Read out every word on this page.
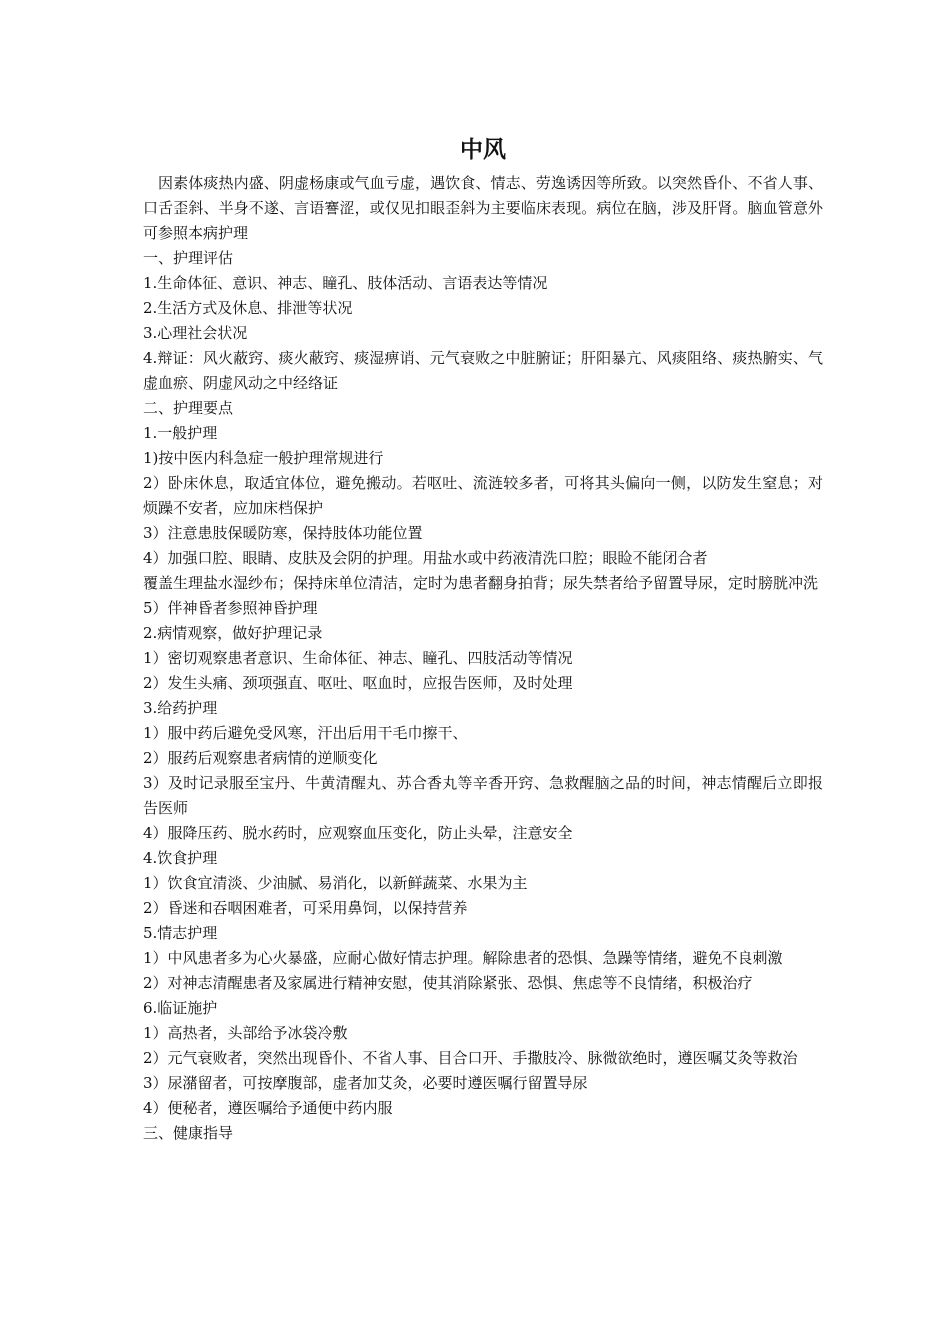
中风

因素体痰热内盛、阴虚杨康或气血亏虚，遇饮食、情志、劳逸诱因等所致。以突然昏仆、不省人事、口舌歪斜、半身不遂、言语謇涩，或仅见扣眼歪斜为主要临床表现。病位在脑，涉及肝肾。脑血管意外可参照本病护理

一、护理评估

1.生命体征、意识、神志、瞳孔、肢体活动、言语表达等情况

2.生活方式及休息、排泄等状况

3.心理社会状况

4.辩证：风火蔽窍、痰火蔽窍、痰湿痹诮、元气衰败之中脏腑证；肝阳暴亢、风痰阻络、痰热腑实、气虚血瘀、阴虚风动之中经络证

二、护理要点

1.一般护理

1)按中医内科急症一般护理常规进行

2）卧床休息，取适宜体位，避免搬动。若呕吐、流涟较多者，可将其头偏向一侧，以防发生窒息；对烦躁不安者，应加床档保护

3）注意患肢保暖防寒，保持肢体功能位置

4）加强口腔、眼睛、皮肤及会阴的护理。用盐水或中药液清洗口腔；眼睑不能闭合者

覆盖生理盐水湿纱布；保持床单位清洁，定时为患者翻身拍背；尿失禁者给予留置导尿，定时膀胱冲洗

5）伴神昏者参照神昏护理

2.病情观察，做好护理记录

1）密切观察患者意识、生命体征、神志、瞳孔、四肢活动等情况

2）发生头痛、颈项强直、呕吐、呕血时，应报告医师，及时处理

3.给药护理

1）服中药后避免受风寒，汗出后用干毛巾擦干、

2）服药后观察患者病情的逆顺变化

3）及时记录服至宝丹、牛黄清醒丸、苏合香丸等辛香开窍、急救醒脑之品的时间，神志情醒后立即报告医师

4）服降压药、脱水药时，应观察血压变化，防止头晕，注意安全

4.饮食护理

1）饮食宜清淡、少油腻、易消化，以新鲜蔬菜、水果为主

2）昏迷和吞咽困难者，可采用鼻饲，以保持营养

5.情志护理

1）中风患者多为心火暴盛，应耐心做好情志护理。解除患者的恐惧、急躁等情绪，避免不良刺激

2）对神志清醒患者及家属进行精神安慰，使其消除紧张、恐惧、焦虑等不良情绪，积极治疗

6.临证施护

1）高热者，头部给予冰袋冷敷

2）元气衰败者，突然出现昏仆、不省人事、目合口开、手撒肢冷、脉微欲绝时，遵医嘱艾灸等救治

3）尿潴留者，可按摩腹部，虚者加艾灸，必要时遵医嘱行留置导尿

4）便秘者，遵医嘱给予通便中药内服

三、健康指导
